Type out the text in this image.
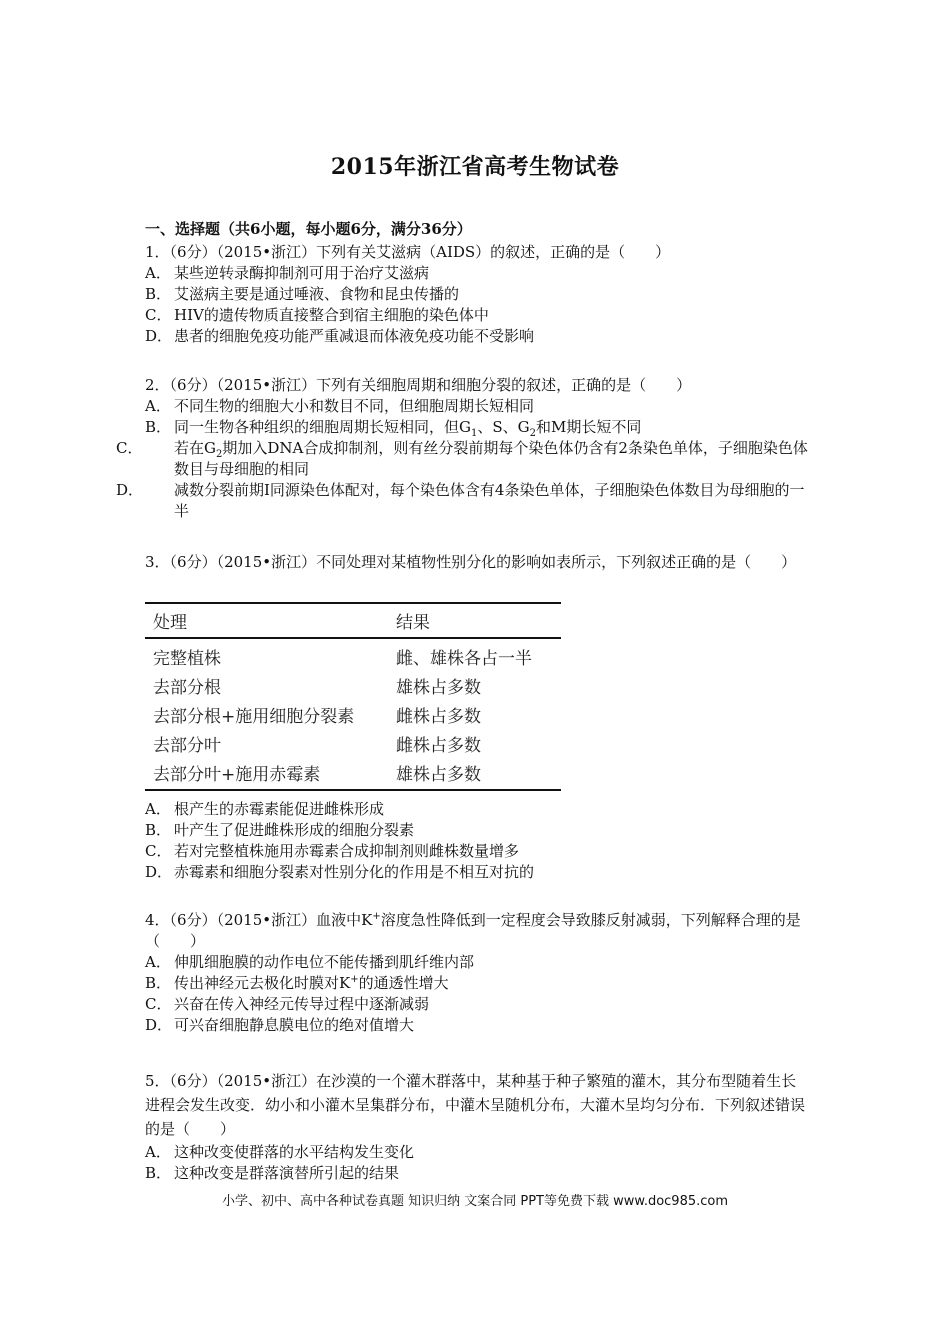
2015年浙江省高考生物试卷
一、选择题（共6小题，每小题6分，满分36分）
1．（6分）（2015•浙江）下列有关艾滋病（AIDS）的叙述，正确的是（　　）
A． 某些逆转录酶抑制剂可用于治疗艾滋病
B． 艾滋病主要是通过唾液、食物和昆虫传播的
C． HIV的遗传物质直接整合到宿主细胞的染色体中
D． 患者的细胞免疫功能严重减退而体液免疫功能不受影响
2．（6分）（2015•浙江）下列有关细胞周期和细胞分裂的叙述，正确的是（　　）
A． 不同生物的细胞大小和数目不同，但细胞周期长短相同
B． 同一生物各种组织的细胞周期长短相同，但$G_1$、S、$G_2$和M期长短不同
C． 若在$G_2$期加入DNA合成抑制剂，则有丝分裂前期每个染色体仍含有2条染色单体，子细胞染色体数目与母细胞的相同
D． 减数分裂前期I同源染色体配对，每个染色体含有4条染色单体，子细胞染色体数目为母细胞的一半
3．（6分）（2015•浙江）不同处理对某植物性别分化的影响如表所示，下列叙述正确的是（　　）
处理	结果
完整植株	雌、雄株各占一半
去部分根	雄株占多数
去部分根+施用细胞分裂素	雌株占多数
去部分叶	雌株占多数
去部分叶+施用赤霉素	雄株占多数
A． 根产生的赤霉素能促进雌株形成
B． 叶产生了促进雌株形成的细胞分裂素
C． 若对完整植株施用赤霉素合成抑制剂则雌株数量增多
D． 赤霉素和细胞分裂素对性别分化的作用是不相互对抗的
4．（6分）（2015•浙江）血液中K+溶度急性降低到一定程度会导致膝反射减弱，下列解释合理的是（　　）
A． 伸肌细胞膜的动作电位不能传播到肌纤维内部
B． 传出神经元去极化时膜对K+的通透性增大
C． 兴奋在传入神经元传导过程中逐渐减弱
D． 可兴奋细胞静息膜电位的绝对值增大
5．（6分）（2015•浙江）在沙漠的一个灌木群落中，某种基于种子繁殖的灌木，其分布型随着生长进程会发生改变．幼小和小灌木呈集群分布，中灌木呈随机分布，大灌木呈均匀分布．下列叙述错误的是（　　）
A． 这种改变使群落的水平结构发生变化
B． 这种改变是群落演替所引起的结果
小学、初中、高中各种试卷真题 知识归纳 文案合同 PPT等免费下载 www.doc985.com
